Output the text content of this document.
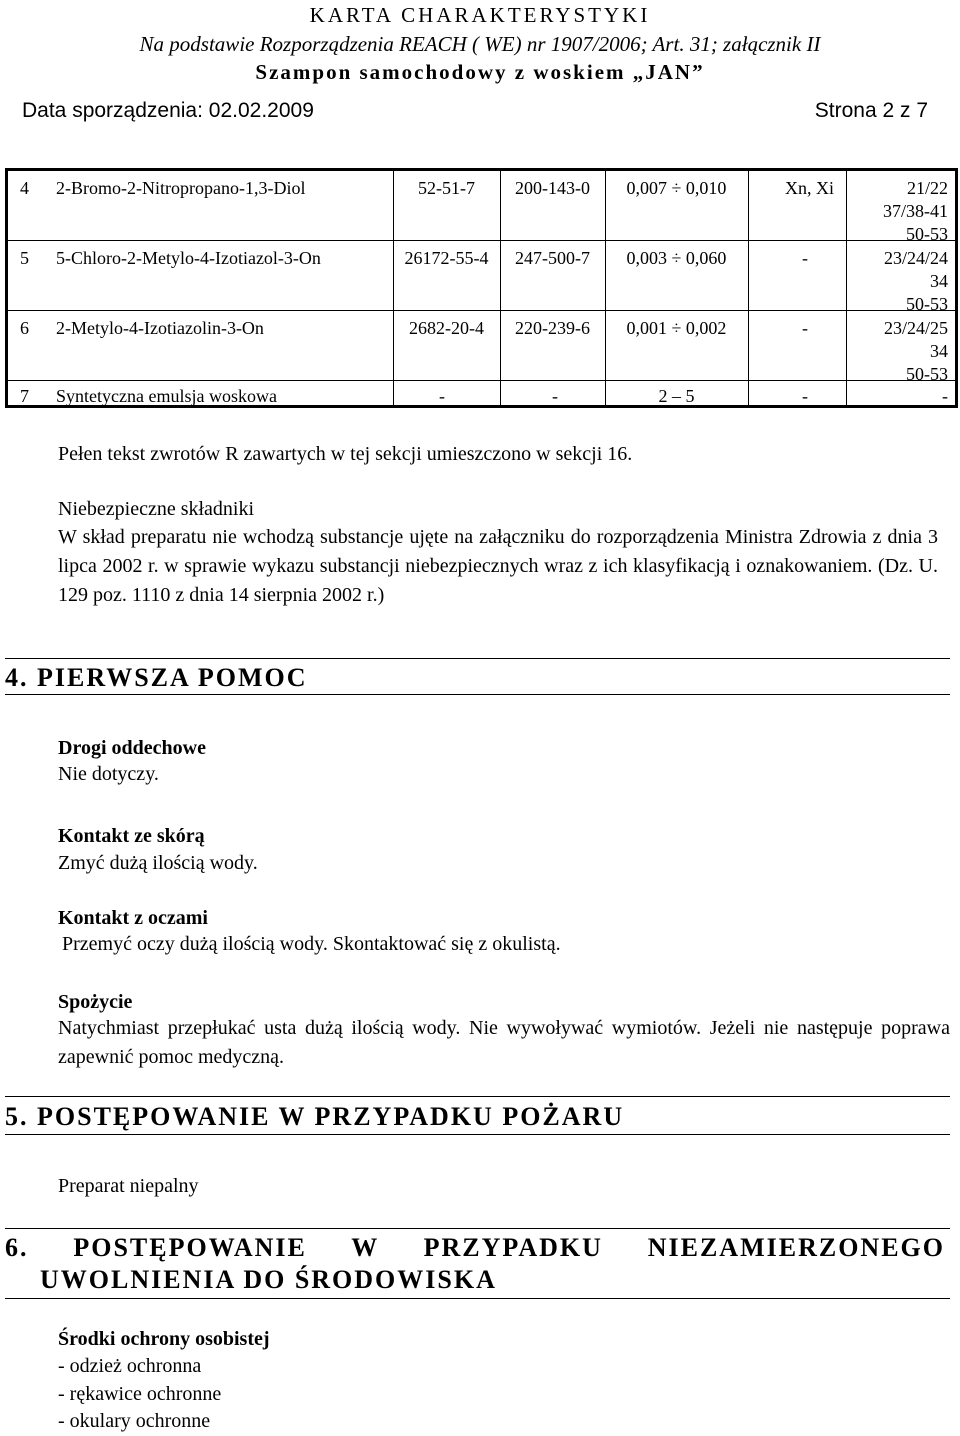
KARTA CHARAKTERYSTYKI
Na podstawie Rozporządzenia REACH ( WE) nr 1907/2006; Art. 31; załącznik II
Szampon samochodowy z woskiem „JAN”
Data sporządzenia: 02.02.2009	Strona 2 z 7
4 2-Bromo-2-Nitropropano-1,3-Diol	52-51-7	200-143-0	0,007 ÷ 0,010	Xn, Xi	21/22
37/38-41
50-53
5 5-Chloro-2-Metylo-4-Izotiazol-3-On	26172-55-4	247-500-7	0,003 ÷ 0,060	-	23/24/24
34
50-53
6 2-Metylo-4-Izotiazolin-3-On	2682-20-4	220-239-6	0,001 ÷ 0,002	-	23/24/25
34
50-53
7 Syntetyczna emulsja woskowa	-	-	2 – 5	-	-
Pełen tekst zwrotów R zawartych w tej sekcji umieszczono w sekcji 16.
Niebezpieczne składniki
W skład preparatu nie wchodzą substancje ujęte na załączniku do rozporządzenia Ministra Zdrowia z dnia 3 lipca 2002 r. w sprawie wykazu substancji niebezpiecznych wraz z ich klasyfikacją i oznakowaniem. (Dz. U. 129 poz. 1110 z dnia 14 sierpnia 2002 r.)
4. PIERWSZA POMOC
Drogi oddechowe
Nie dotyczy.
Kontakt ze skórą
Zmyć dużą ilością wody.
Kontakt z oczami
Przemyć oczy dużą ilością wody. Skontaktować się z okulistą.
Spożycie
Natychmiast przepłukać usta dużą ilością wody. Nie wywoływać wymiotów. Jeżeli nie następuje poprawa zapewnić pomoc medyczną.
5. POSTĘPOWANIE W PRZYPADKU POŻARU
Preparat niepalny
6. POSTĘPOWANIE W PRZYPADKU NIEZAMIERZONEGO
UWOLNIENIA DO ŚRODOWISKA
Środki ochrony osobistej
- odzież ochronna
- rękawice ochronne
- okulary ochronne
